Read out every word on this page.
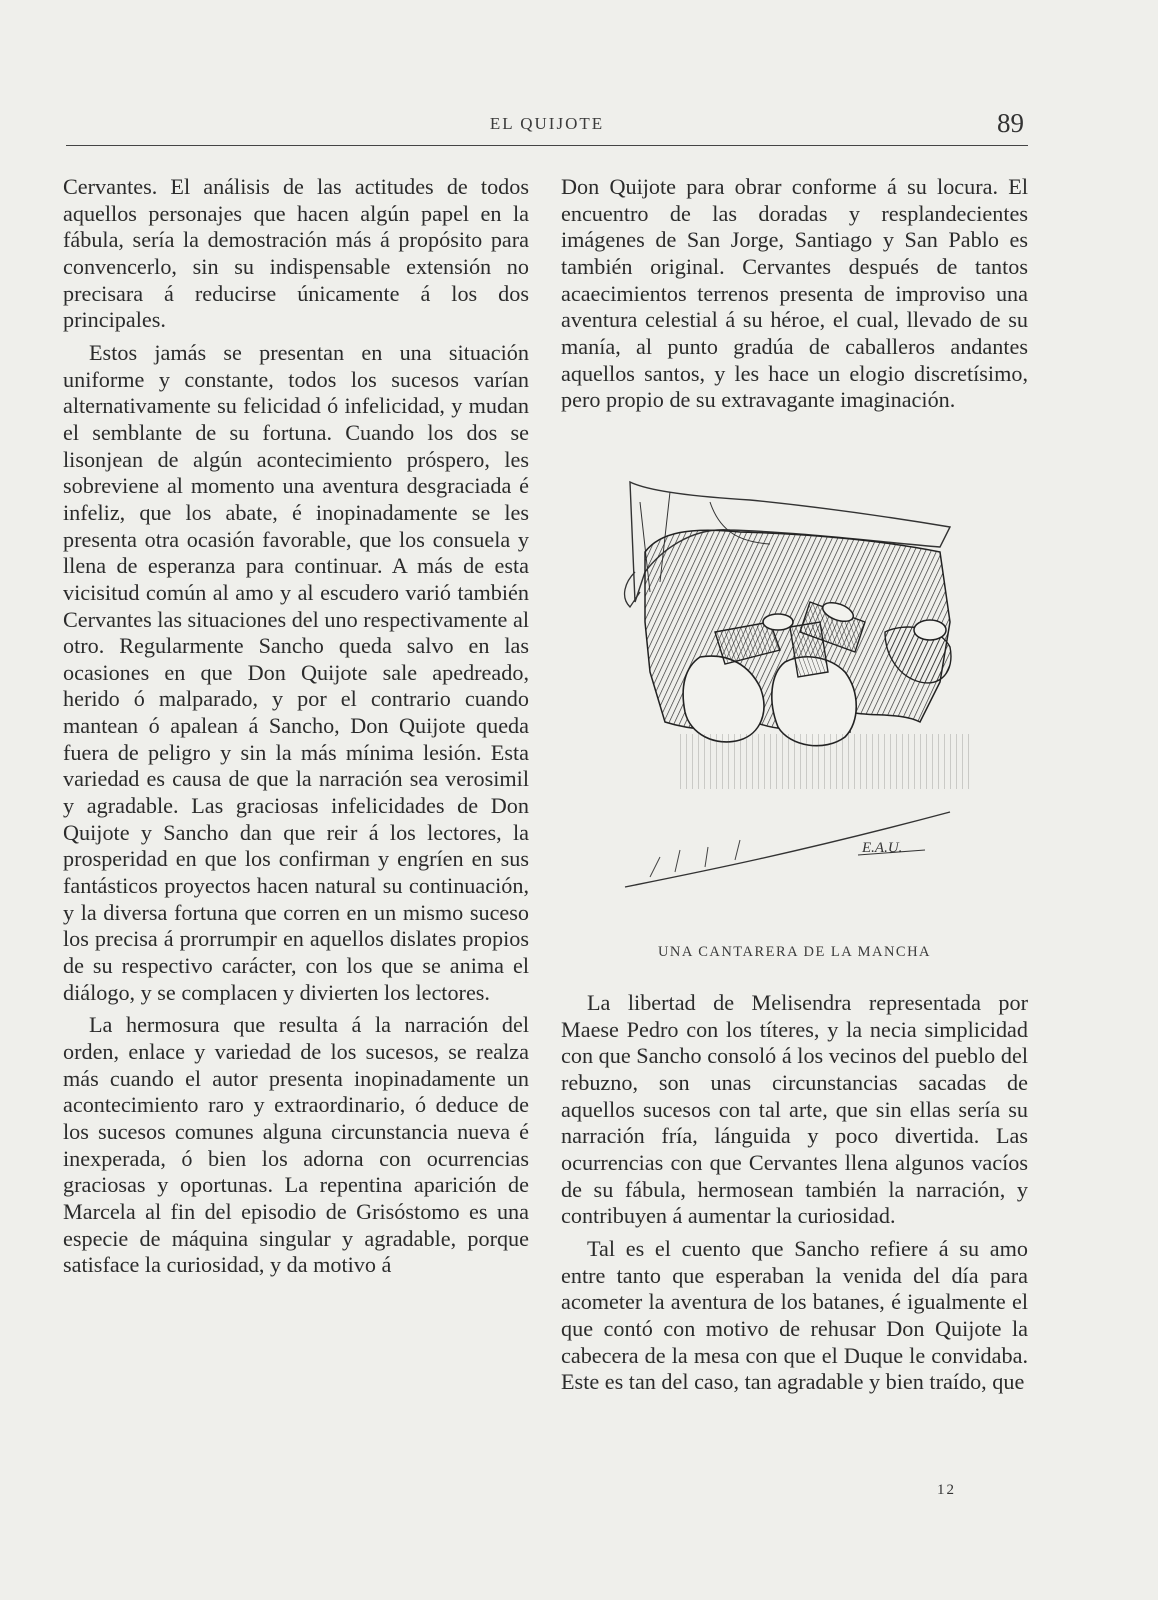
EL QUIJOTE	89

Cervantes. El análisis de las actitudes de todos aquellos personajes que hacen algún papel en la fábula, sería la demostración más á propósito para convencerlo, sin su indispensable extensión no precisara á reducirse únicamente á los dos principales.

Estos jamás se presentan en una situación uniforme y constante, todos los sucesos varían alternativamente su felicidad ó infelicidad, y mudan el semblante de su fortuna. Cuando los dos se lisonjean de algún acontecimiento próspero, les sobreviene al momento una aventura desgraciada é infeliz, que los abate, é inopinadamente se les presenta otra ocasión favorable, que los consuela y llena de esperanza para continuar. A más de esta vicisitud común al amo y al escudero varió también Cervantes las situaciones del uno respectivamente al otro. Regularmente Sancho queda salvo en las ocasiones en que Don Quijote sale apedreado, herido ó malparado, y por el contrario cuando mantean ó apalean á Sancho, Don Quijote queda fuera de peligro y sin la más mínima lesión. Esta variedad es causa de que la narración sea verosimil y agradable. Las graciosas infelicidades de Don Quijote y Sancho dan que reir á los lectores, la prosperidad en que los confirman y engríen en sus fantásticos proyectos hacen natural su continuación, y la diversa fortuna que corren en un mismo suceso los precisa á prorrumpir en aquellos dislates propios de su respectivo carácter, con los que se anima el diálogo, y se complacen y divierten los lectores.

La hermosura que resulta á la narración del orden, enlace y variedad de los sucesos, se realza más cuando el autor presenta inopinadamente un acontecimiento raro y extraordinario, ó deduce de los sucesos comunes alguna circunstancia nueva é inexperada, ó bien los adorna con ocurrencias graciosas y oportunas. La repentina aparición de Marcela al fin del episodio de Grisóstomo es una especie de máquina singular y agradable, porque satisface la curiosidad, y da motivo á

Don Quijote para obrar conforme á su locura. El encuentro de las doradas y resplandecientes imágenes de San Jorge, Santiago y San Pablo es también original. Cervantes después de tantos acaecimientos terrenos presenta de improviso una aventura celestial á su héroe, el cual, llevado de su manía, al punto gradúa de caballeros andantes aquellos santos, y les hace un elogio discretísimo, pero propio de su extravagante imaginación.

E.A.U.
UNA CANTARERA DE LA MANCHA

La libertad de Melisendra representada por Maese Pedro con los títeres, y la necia simplicidad con que Sancho consoló á los vecinos del pueblo del rebuzno, son unas circunstancias sacadas de aquellos sucesos con tal arte, que sin ellas sería su narración fría, lánguida y poco divertida. Las ocurrencias con que Cervantes llena algunos vacíos de su fábula, hermosean también la narración, y contribuyen á aumentar la curiosidad.

Tal es el cuento que Sancho refiere á su amo entre tanto que esperaban la venida del día para acometer la aventura de los batanes, é igualmente el que contó con motivo de rehusar Don Quijote la cabecera de la mesa con que el Duque le convidaba. Este es tan del caso, tan agradable y bien traído, que

12
